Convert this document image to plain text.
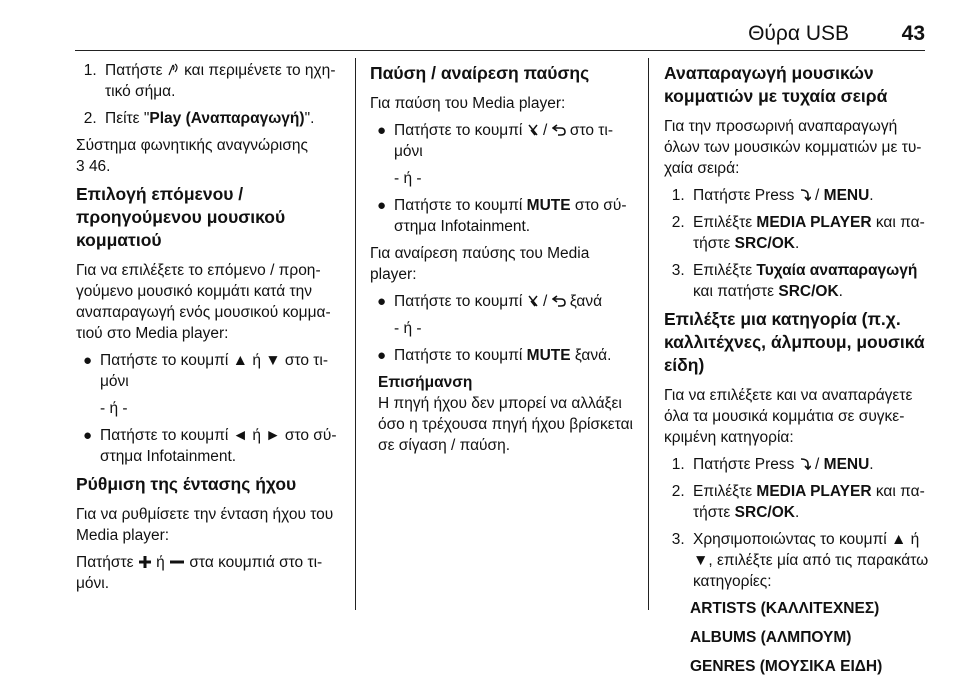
Θύρα USB	43
1. Πατήστε  και περιμένετε το ηχητικό σήμα.
2. Πείτε "Play (Αναπαραγωγή)".

Σύστημα φωνητικής αναγνώρισης
3 46.

Επιλογή επόμενου / προηγούμενου μουσικού κομματιού

Για να επιλέξετε το επόμενο / προηγούμενο μουσικό κομμάτι κατά την αναπαραγωγή ενός μουσικού κομματιού στο Media player:

● Πατήστε το κουμπί ▲ ή ▼ στο τιμόνι
- ή -
● Πατήστε το κουμπί ◄ ή ► στο σύστημα Infotainment.
Ρύθμιση της έντασης ήχου

Για να ρυθμίσετε την ένταση ήχου του Media player:

Πατήστε  ή  στα κουμπιά στο τιμόνι.

Παύση / αναίρεση παύσης

Για παύση του Media player:

● Πατήστε το κουμπί  /  στο τιμόνι
- ή -
● Πατήστε το κουμπί MUTE στο σύστημα Infotainment.

Για αναίρεση παύσης του Media player:

● Πατήστε το κουμπί  /  ξανά
- ή -
● Πατήστε το κουμπί MUTE ξανά.
Επισήμανση
Η πηγή ήχου δεν μπορεί να αλλάξει όσο η τρέχουσα πηγή ήχου βρίσκεται σε σίγαση / παύση.
Αναπαραγωγή μουσικών κομματιών με τυχαία σειρά

Για την προσωρινή αναπαραγωγή όλων των μουσικών κομματιών με τυχαία σειρά:

1. Πατήστε Press  / MENU.
2. Επιλέξτε MEDIA PLAYER και πατήστε SRC/OK.
3. Επιλέξτε Τυχαία αναπαραγωγή και πατήστε SRC/OK.
Επιλέξτε μια κατηγορία (π.χ. καλλιτέχνες, άλμπουμ, μουσικά είδη)

Για να επιλέξετε και να αναπαράγετε όλα τα μουσικά κομμάτια σε συγκεκριμένη κατηγορία:

1. Πατήστε Press  / MENU.
2. Επιλέξτε MEDIA PLAYER και πατήστε SRC/OK.
3. Χρησιμοποιώντας το κουμπί ▲ ή ▼, επιλέξτε μία από τις παρακάτω κατηγορίες:
ARTISTS (ΚΑΛΛΙΤΕΧΝΕΣ)
ALBUMS (ΑΛΜΠΟΥΜ)
GENRES (ΜΟΥΣΙΚΑ ΕΙΔΗ)
